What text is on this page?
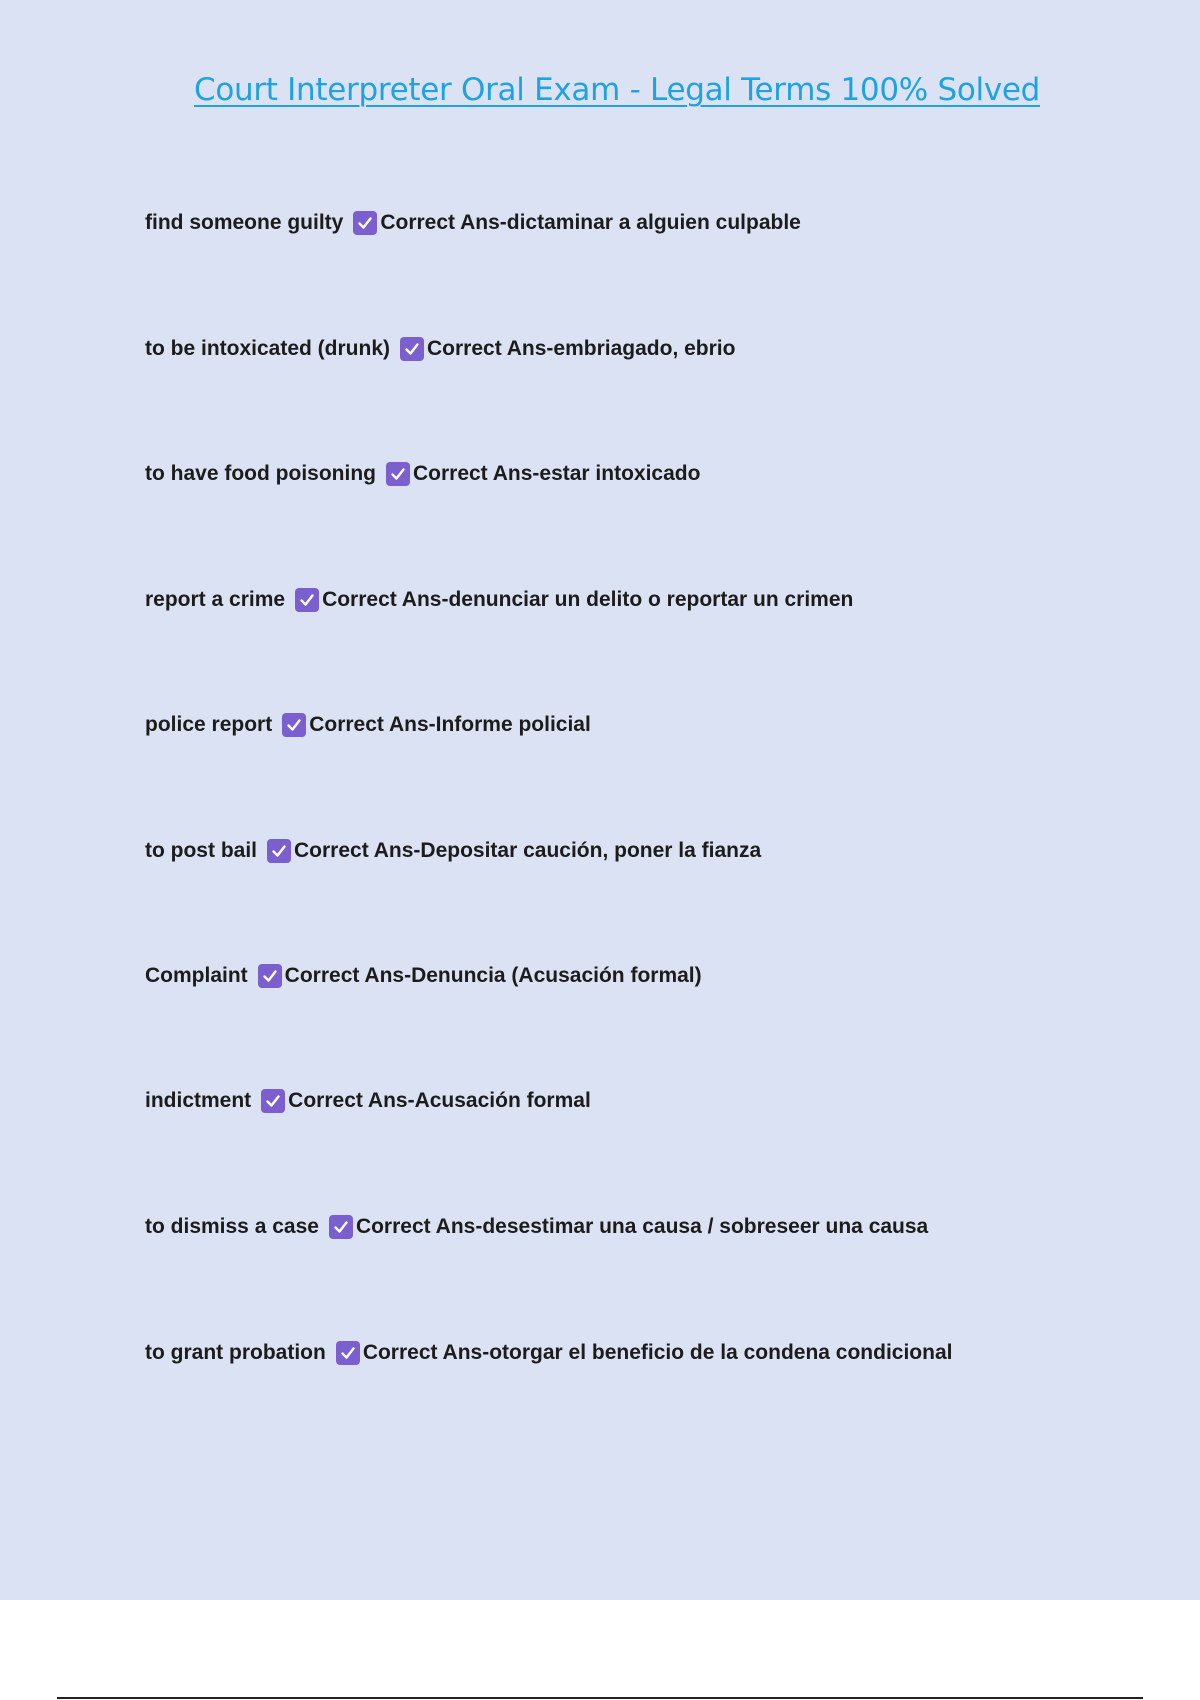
Court Interpreter Oral Exam - Legal Terms 100% Solved
find someone guilty Correct Ans-dictaminar a alguien culpable
to be intoxicated (drunk) Correct Ans-embriagado, ebrio
to have food poisoning Correct Ans-estar intoxicado
report a crime Correct Ans-denunciar un delito o reportar un crimen
police report Correct Ans-Informe policial
to post bail Correct Ans-Depositar caución, poner la fianza
Complaint Correct Ans-Denuncia (Acusación formal)
indictment Correct Ans-Acusación formal
to dismiss a case Correct Ans-desestimar una causa / sobreseer una causa
to grant probation Correct Ans-otorgar el beneficio de la condena condicional
